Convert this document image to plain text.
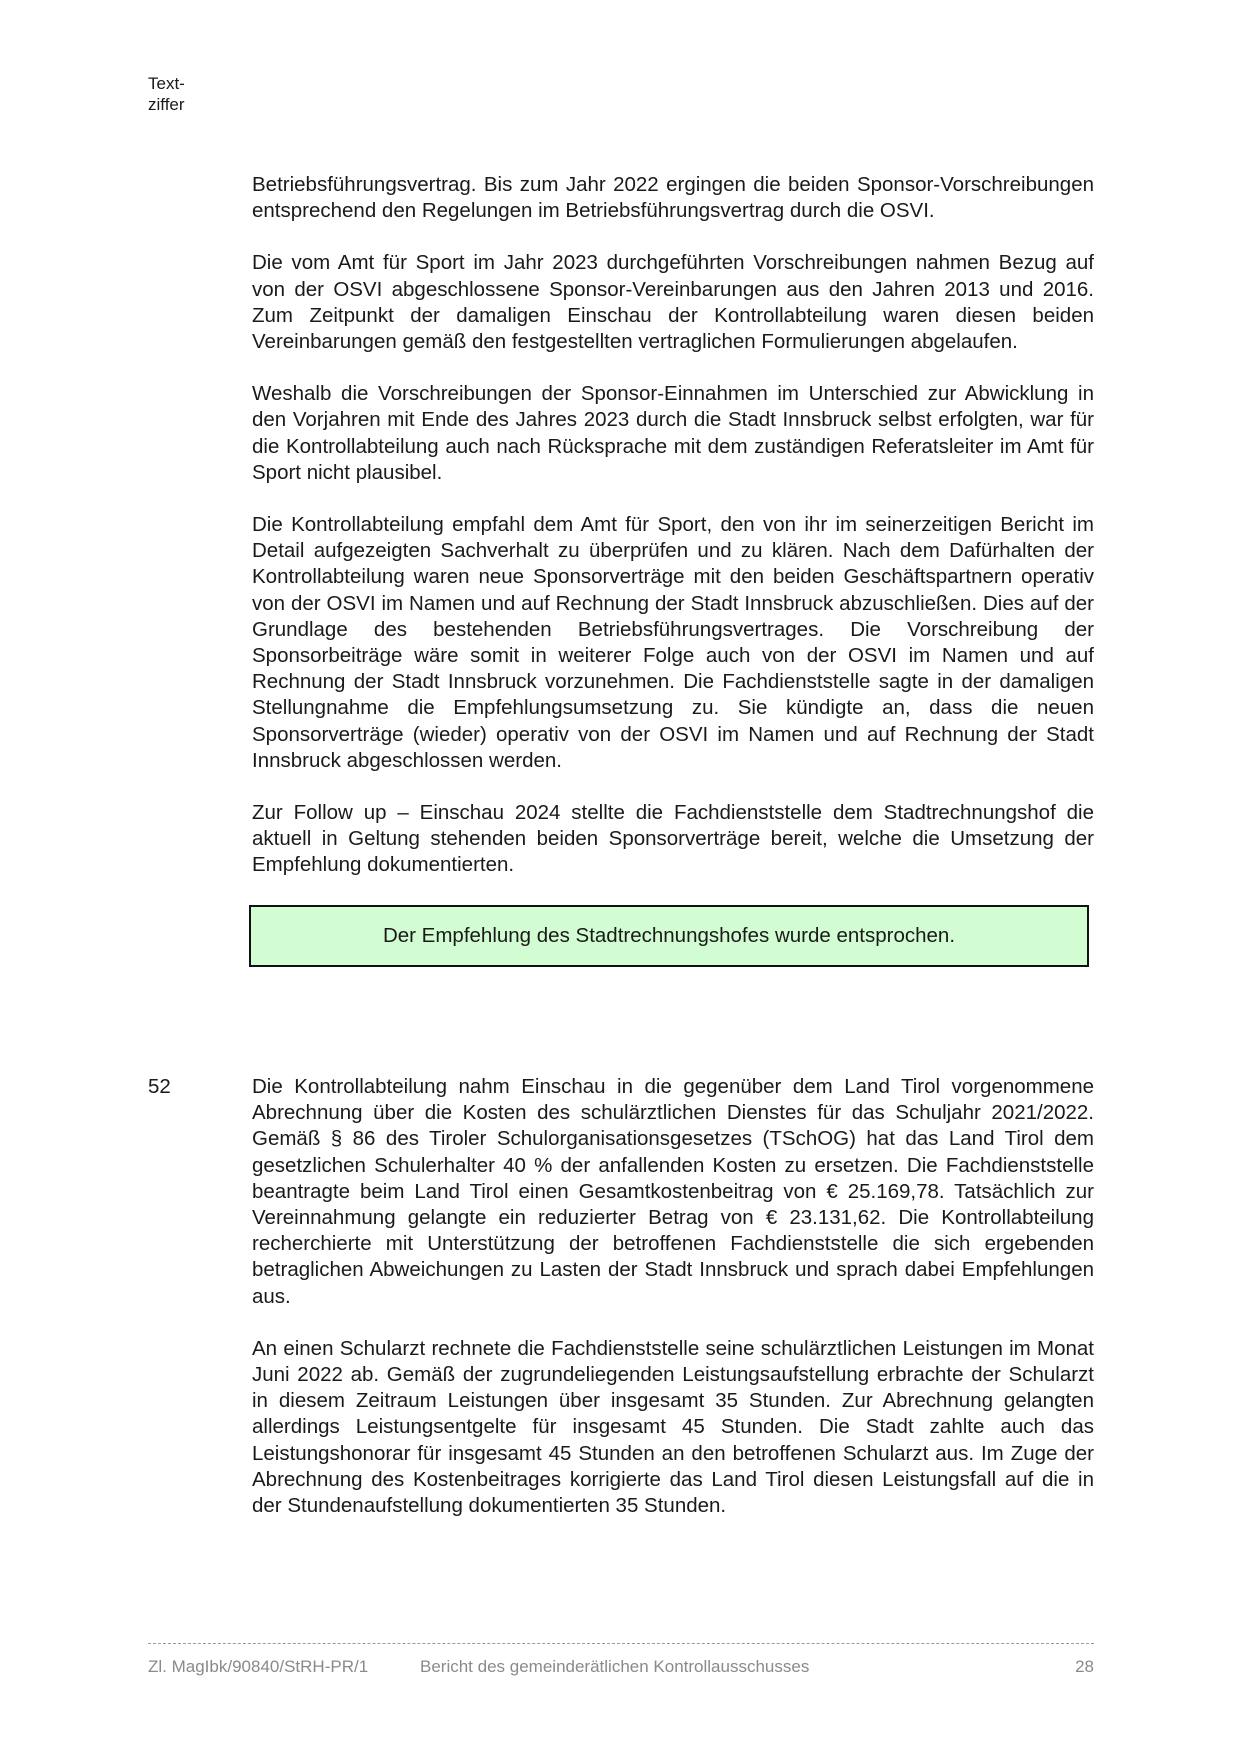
Text-
ziffer

Betriebsführungsvertrag. Bis zum Jahr 2022 ergingen die beiden Sponsor-Vorschreibungen entsprechend den Regelungen im Betriebsführungsvertrag durch die OSVI.

Die vom Amt für Sport im Jahr 2023 durchgeführten Vorschreibungen nahmen Bezug auf von der OSVI abgeschlossene Sponsor-Vereinbarungen aus den Jahren 2013 und 2016. Zum Zeitpunkt der damaligen Einschau der Kontrollabteilung waren diesen beiden Vereinbarungen gemäß den festgestellten vertraglichen Formulierungen abgelaufen.

Weshalb die Vorschreibungen der Sponsor-Einnahmen im Unterschied zur Abwicklung in den Vorjahren mit Ende des Jahres 2023 durch die Stadt Innsbruck selbst erfolgten, war für die Kontrollabteilung auch nach Rücksprache mit dem zuständigen Referatsleiter im Amt für Sport nicht plausibel.

Die Kontrollabteilung empfahl dem Amt für Sport, den von ihr im seinerzeitigen Bericht im Detail aufgezeigten Sachverhalt zu überprüfen und zu klären. Nach dem Dafürhalten der Kontrollabteilung waren neue Sponsorverträge mit den beiden Geschäftspartnern operativ von der OSVI im Namen und auf Rechnung der Stadt Innsbruck abzuschließen. Dies auf der Grundlage des bestehenden Betriebsführungsvertrages. Die Vorschreibung der Sponsorbeiträge wäre somit in weiterer Folge auch von der OSVI im Namen und auf Rechnung der Stadt Innsbruck vorzunehmen. Die Fachdienststelle sagte in der damaligen Stellungnahme die Empfehlungsumsetzung zu. Sie kündigte an, dass die neuen Sponsorverträge (wieder) operativ von der OSVI im Namen und auf Rechnung der Stadt Innsbruck abgeschlossen werden.

Zur Follow up – Einschau 2024 stellte die Fachdienststelle dem Stadtrechnungshof die aktuell in Geltung stehenden beiden Sponsorverträge bereit, welche die Umsetzung der Empfehlung dokumentierten.

Der Empfehlung des Stadtrechnungshofes wurde entsprochen.
52	Die Kontrollabteilung nahm Einschau in die gegenüber dem Land Tirol vorgenommene Abrechnung über die Kosten des schulärztlichen Dienstes für das Schuljahr 2021/2022. Gemäß § 86 des Tiroler Schulorganisationsgesetzes (TSchOG) hat das Land Tirol dem gesetzlichen Schulerhalter 40 % der anfallenden Kosten zu ersetzen. Die Fachdienststelle beantragte beim Land Tirol einen Gesamtkostenbeitrag von € 25.169,78. Tatsächlich zur Vereinnahmung gelangte ein reduzierter Betrag von € 23.131,62. Die Kontrollabteilung recherchierte mit Unterstützung der betroffenen Fachdienststelle die sich ergebenden betraglichen Abweichungen zu Lasten der Stadt Innsbruck und sprach dabei Empfehlungen aus.

An einen Schularzt rechnete die Fachdienststelle seine schulärztlichen Leistungen im Monat Juni 2022 ab. Gemäß der zugrundeliegenden Leistungsaufstellung erbrachte der Schularzt in diesem Zeitraum Leistungen über insgesamt 35 Stunden. Zur Abrechnung gelangten allerdings Leistungsentgelte für insgesamt 45 Stunden. Die Stadt zahlte auch das Leistungshonorar für insgesamt 45 Stunden an den betroffenen Schularzt aus. Im Zuge der Abrechnung des Kostenbeitrages korrigierte das Land Tirol diesen Leistungsfall auf die in der Stundenaufstellung dokumentierten 35 Stunden.

Zl. MagIbk/90840/StRH-PR/1	Bericht des gemeinderätlichen Kontrollausschusses	28
